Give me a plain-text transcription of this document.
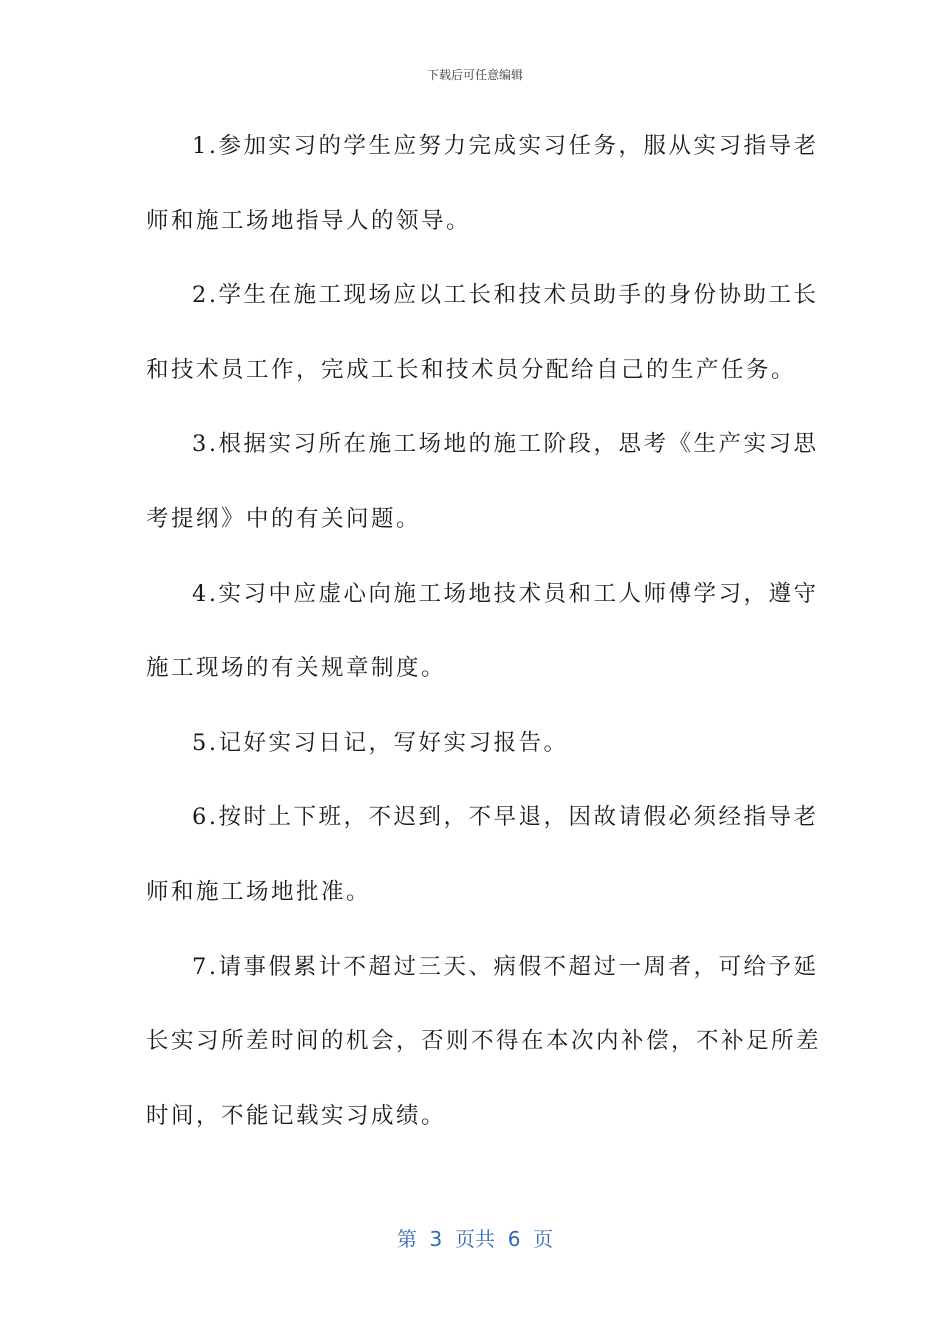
下载后可任意编辑
1.参加实习的学生应努力完成实习任务，服从实习指导老
师和施工场地指导人的领导。
2.学生在施工现场应以工长和技术员助手的身份协助工长
和技术员工作，完成工长和技术员分配给自己的生产任务。
3.根据实习所在施工场地的施工阶段，思考《生产实习思
考提纲》中的有关问题。
4.实习中应虚心向施工场地技术员和工人师傅学习，遵守
施工现场的有关规章制度。
5.记好实习日记，写好实习报告。
6.按时上下班，不迟到，不早退，因故请假必须经指导老
师和施工场地批准。
7.请事假累计不超过三天、病假不超过一周者，可给予延
长实习所差时间的机会，否则不得在本次内补偿，不补足所差
时间，不能记载实习成绩。
第  3  页共  6  页
